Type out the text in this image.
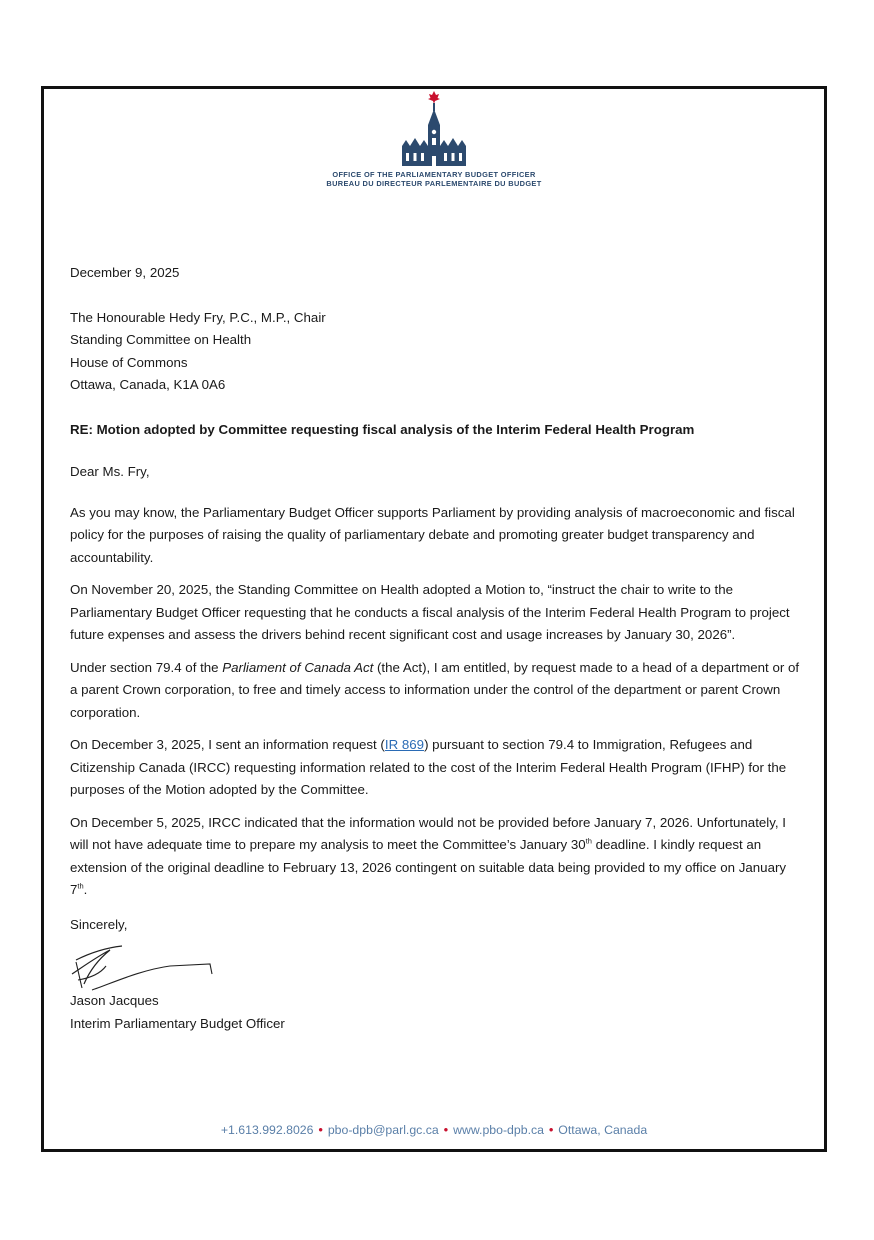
OFFICE OF THE PARLIAMENTARY BUDGET OFFICER
BUREAU DU DIRECTEUR PARLEMENTAIRE DU BUDGET

December 9, 2025

The Honourable Hedy Fry, P.C., M.P., Chair
Standing Committee on Health
House of Commons
Ottawa, Canada, K1A 0A6

RE: Motion adopted by Committee requesting fiscal analysis of the Interim Federal Health Program

Dear Ms. Fry,

As you may know, the Parliamentary Budget Officer supports Parliament by providing analysis of macroeconomic and fiscal policy for the purposes of raising the quality of parliamentary debate and promoting greater budget transparency and accountability.

On November 20, 2025, the Standing Committee on Health adopted a Motion to, “instruct the chair to write to the Parliamentary Budget Officer requesting that he conducts a fiscal analysis of the Interim Federal Health Program to project future expenses and assess the drivers behind recent significant cost and usage increases by January 30, 2026”.

Under section 79.4 of the Parliament of Canada Act (the Act), I am entitled, by request made to a head of a department or of a parent Crown corporation, to free and timely access to information under the control of the department or parent Crown corporation.

On December 3, 2025, I sent an information request (IR 869) pursuant to section 79.4 to Immigration, Refugees and Citizenship Canada (IRCC) requesting information related to the cost of the Interim Federal Health Program (IFHP) for the purposes of the Motion adopted by the Committee.

On December 5, 2025, IRCC indicated that the information would not be provided before January 7, 2026. Unfortunately, I will not have adequate time to prepare my analysis to meet the Committee’s January 30th deadline. I kindly request an extension of the original deadline to February 13, 2026 contingent on suitable data being provided to my office on January 7th.

Sincerely,

Jason Jacques

Interim Parliamentary Budget Officer

+1.613.992.8026 • pbo-dpb@parl.gc.ca • www.pbo-dpb.ca • Ottawa, Canada
